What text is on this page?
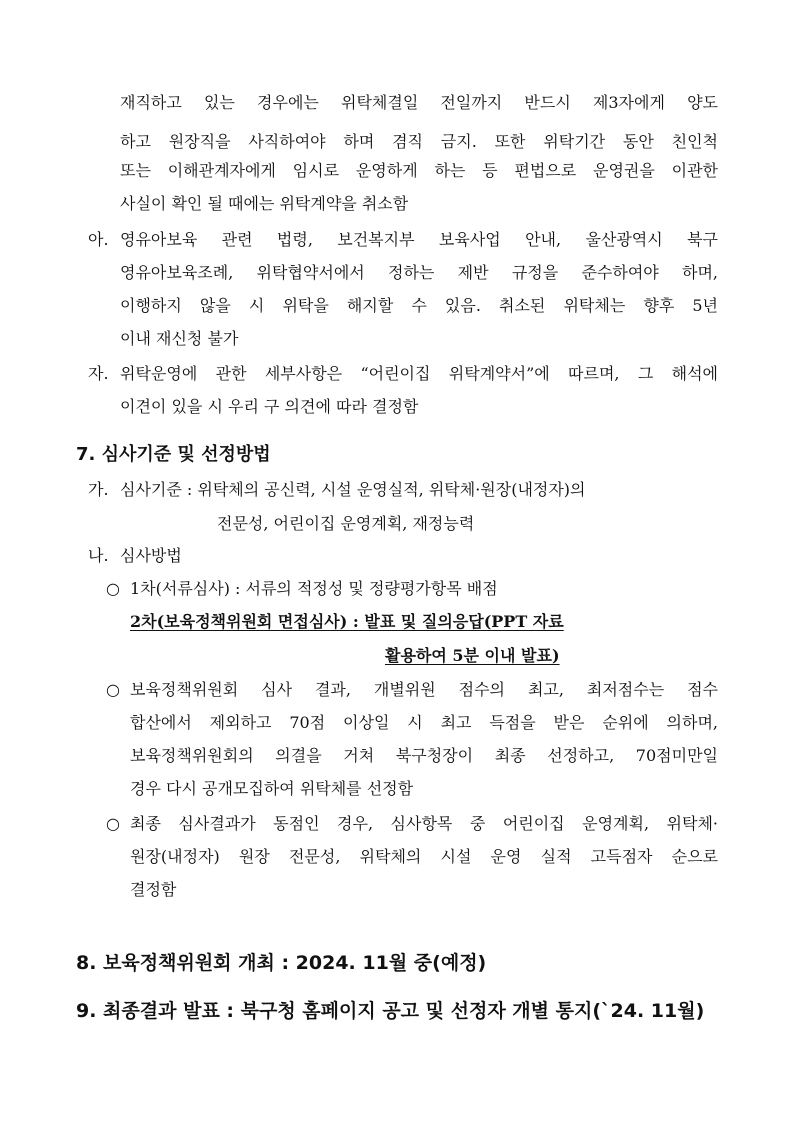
재직하고 있는 경우에는 위탁체결일 전일까지 반드시 제3자에게 양도
하고 원장직을 사직하여야 하며 겸직 금지. 또한 위탁기간 동안 친인척
또는 이해관계자에게 임시로 운영하게 하는 등 편법으로 운영권을 이관한
사실이 확인 될 때에는 위탁계약을 취소함
아. 영유아보육 관련 법령, 보건복지부 보육사업 안내, 울산광역시 북구
영유아보육조례, 위탁협약서에서 정하는 제반 규정을 준수하여야 하며,
이행하지 않을 시 위탁을 해지할 수 있음. 취소된 위탁체는 향후 5년
이내 재신청 불가
자. 위탁운영에 관한 세부사항은 “어린이집 위탁계약서”에 따르며, 그 해석에
이견이 있을 시 우리 구 의견에 따라 결정함
7. 심사기준 및 선정방법
가. 심사기준 : 위탁체의 공신력, 시설 운영실적, 위탁체·원장(내정자)의
전문성, 어린이집 운영계획, 재정능력
나. 심사방법
○ 1차(서류심사) : 서류의 적정성 및 정량평가항목 배점
2차(보육정책위원회 면접심사) : 발표 및 질의응답(PPT 자료
활용하여 5분 이내 발표)
○ 보육정책위원회 심사 결과, 개별위원 점수의 최고, 최저점수는 점수
합산에서 제외하고 70점 이상일 시 최고 득점을 받은 순위에 의하며,
보육정책위원회의 의결을 거쳐 북구청장이 최종 선정하고, 70점미만일
경우 다시 공개모집하여 위탁체를 선정함
○ 최종 심사결과가 동점인 경우, 심사항목 중 어린이집 운영계획, 위탁체·
원장(내정자) 원장 전문성, 위탁체의 시설 운영 실적 고득점자 순으로
결정함
8. 보육정책위원회 개최 : 2024. 11월 중(예정)
9. 최종결과 발표 : 북구청 홈페이지 공고 및 선정자 개별 통지(`24. 11월)
